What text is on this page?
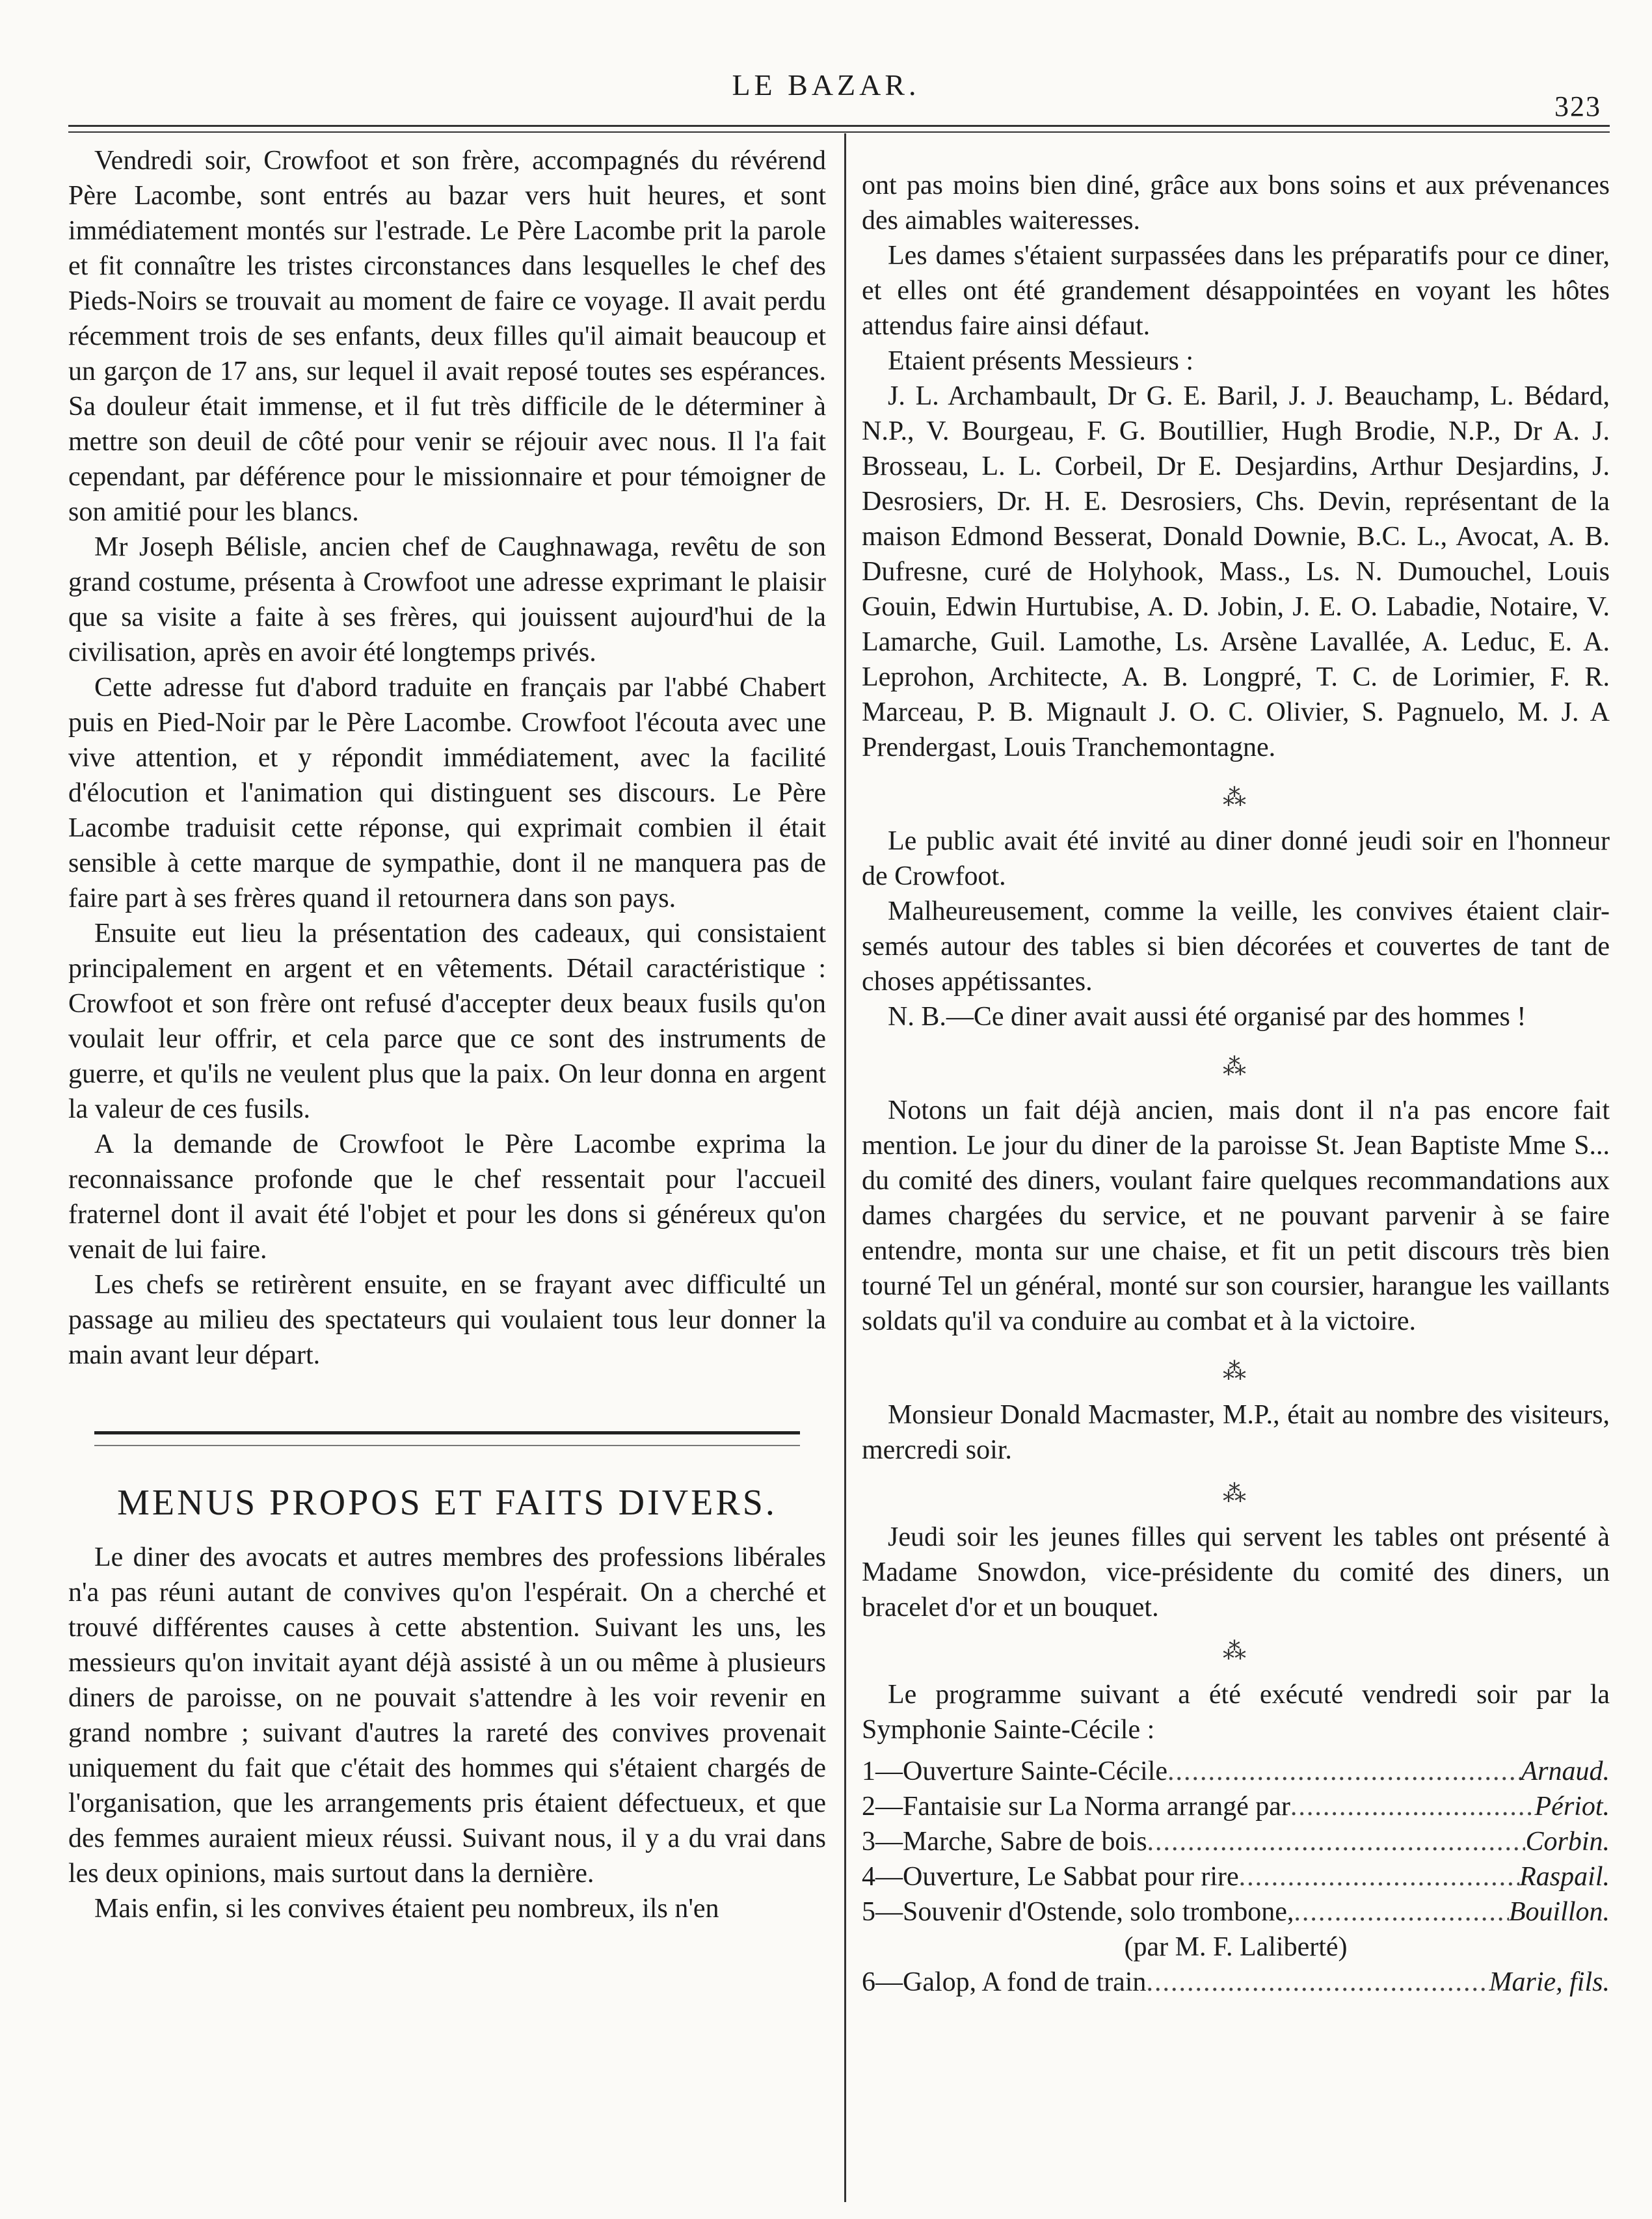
LE BAZAR.
323

Vendredi soir, Crowfoot et son frère, accompagnés du révérend Père Lacombe, sont entrés au bazar vers huit heures, et sont immédiatement montés sur l'estrade. Le Père Lacombe prit la parole et fit connaître les tristes circonstances dans lesquelles le chef des Pieds-Noirs se trouvait au moment de faire ce voyage. Il avait perdu récemment trois de ses enfants, deux filles qu'il aimait beaucoup et un garçon de 17 ans, sur lequel il avait reposé toutes ses espérances. Sa douleur était immense, et il fut très difficile de le déterminer à mettre son deuil de côté pour venir se réjouir avec nous. Il l'a fait cependant, par déférence pour le missionnaire et pour témoigner de son amitié pour les blancs.

Mr Joseph Bélisle, ancien chef de Caughnawaga, revêtu de son grand costume, présenta à Crowfoot une adresse exprimant le plaisir que sa visite a faite à ses frères, qui jouissent aujourd'hui de la civilisation, après en avoir été longtemps privés.

Cette adresse fut d'abord traduite en français par l'abbé Chabert puis en Pied-Noir par le Père Lacombe. Crowfoot l'écouta avec une vive attention, et y répondit immédiatement, avec la facilité d'élocution et l'animation qui distinguent ses discours. Le Père Lacombe traduisit cette réponse, qui exprimait combien il était sensible à cette marque de sympathie, dont il ne manquera pas de faire part à ses frères quand il retournera dans son pays.

Ensuite eut lieu la présentation des cadeaux, qui consistaient principalement en argent et en vêtements. Détail caractéristique : Crowfoot et son frère ont refusé d'accepter deux beaux fusils qu'on voulait leur offrir, et cela parce que ce sont des instruments de guerre, et qu'ils ne veulent plus que la paix. On leur donna en argent la valeur de ces fusils.

A la demande de Crowfoot le Père Lacombe exprima la reconnaissance profonde que le chef ressentait pour l'accueil fraternel dont il avait été l'objet et pour les dons si généreux qu'on venait de lui faire.

Les chefs se retirèrent ensuite, en se frayant avec difficulté un passage au milieu des spectateurs qui voulaient tous leur donner la main avant leur départ.

MENUS PROPOS ET FAITS DIVERS.

Le diner des avocats et autres membres des professions libérales n'a pas réuni autant de convives qu'on l'espérait. On a cherché et trouvé différentes causes à cette abstention. Suivant les uns, les messieurs qu'on invitait ayant déjà assisté à un ou même à plusieurs diners de paroisse, on ne pouvait s'attendre à les voir revenir en grand nombre ; suivant d'autres la rareté des convives provenait uniquement du fait que c'était des hommes qui s'étaient chargés de l'organisation, que les arrangements pris étaient défectueux, et que des femmes auraient mieux réussi. Suivant nous, il y a du vrai dans les deux opinions, mais surtout dans la dernière.

Mais enfin, si les convives étaient peu nombreux, ils n'en

ont pas moins bien diné, grâce aux bons soins et aux prévenances des aimables waiteresses.

Les dames s'étaient surpassées dans les préparatifs pour ce diner, et elles ont été grandement désappointées en voyant les hôtes attendus faire ainsi défaut.

Etaient présents Messieurs :

J. L. Archambault, Dr G. E. Baril, J. J. Beauchamp, L. Bédard, N.P., V. Bourgeau, F. G. Boutillier, Hugh Brodie, N.P., Dr A. J. Brosseau, L. L. Corbeil, Dr E. Desjardins, Arthur Desjardins, J. Desrosiers, Dr. H. E. Desrosiers, Chs. Devin, représentant de la maison Edmond Besserat, Donald Downie, B.C. L., Avocat, A. B. Dufresne, curé de Holyhook, Mass., Ls. N. Dumouchel, Louis Gouin, Edwin Hurtubise, A. D. Jobin, J. E. O. Labadie, Notaire, V. Lamarche, Guil. Lamothe, Ls. Arsène Lavallée, A. Leduc, E. A. Leprohon, Architecte, A. B. Longpré, T. C. de Lorimier, F. R. Marceau, P. B. Mignault J. O. C. Olivier, S. Pagnuelo, M. J. A Prendergast, Louis Tranchemontagne.

⁂

Le public avait été invité au diner donné jeudi soir en l'honneur de Crowfoot.

Malheureusement, comme la veille, les convives étaient clair-semés autour des tables si bien décorées et couvertes de tant de choses appétissantes.

N. B.—Ce diner avait aussi été organisé par des hommes !

⁂

Notons un fait déjà ancien, mais dont il n'a pas encore fait mention. Le jour du diner de la paroisse St. Jean Baptiste Mme S... du comité des diners, voulant faire quelques recommandations aux dames chargées du service, et ne pouvant parvenir à se faire entendre, monta sur une chaise, et fit un petit discours très bien tourné Tel un général, monté sur son coursier, harangue les vaillants soldats qu'il va conduire au combat et à la victoire.

⁂

Monsieur Donald Macmaster, M.P., était au nombre des visiteurs, mercredi soir.

⁂

Jeudi soir les jeunes filles qui servent les tables ont présenté à Madame Snowdon, vice-présidente du comité des diners, un bracelet d'or et un bouquet.

⁂

Le programme suivant a été exécuté vendredi soir par la Symphonie Sainte-Cécile :

1—Ouverture Sainte-Cécile .....	Arnaud.
2—Fantaisie sur La Norma arrangé par .....	Périot.
3—Marche, Sabre de bois .....	Corbin.
4—Ouverture, Le Sabbat pour rire .....	Raspail.
5—Souvenir d'Ostende, solo trombone, .....	Bouillon.
(par M. F. Laliberté)
6—Galop, A fond de train .....	Marie, fils.
